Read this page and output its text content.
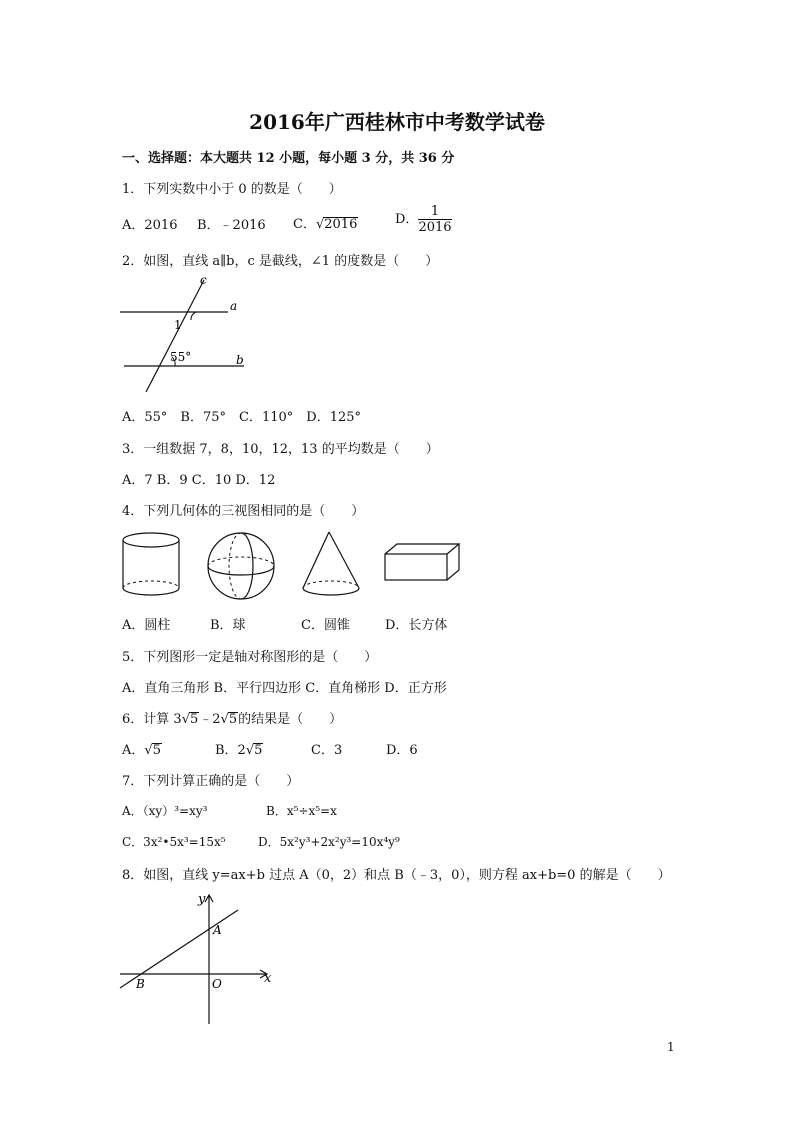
2016年广西桂林市中考数学试卷
一、选择题：本大题共 12 小题，每小题 3 分，共 36 分
1．下列实数中小于 0 的数是（　　）
A．2016 B．﹣2016 C．√2016	D． $\frac{1}{2016}$
2．如图，直线 a∥b，c 是截线，∠1 的度数是（　　）
c
a
b
1
55°
A．55°　B．75°　C．110°　D．125°
3．一组数据 7，8，10，12，13 的平均数是（　　）
A．7 B．9 C．10 D．12
4．下列几何体的三视图相同的是（　　）
A．圆柱	B．球	C．圆锥	D．长方体
5．下列图形一定是轴对称图形的是（　　）
A．直角三角形 B．平行四边形 C．直角梯形 D．正方形
6．计算 3√5﹣2√5的结果是（　　）
A．√5	B．2√5	C．3	D．6
7．下列计算正确的是（　　）
A．（xy）³=xy³	B．x⁵÷x⁵=x
C．3x²•5x³=15x⁵	D．5x²y³+2x²y³=10x⁴y⁹
8．如图，直线 y=ax+b 过点 A（0，2）和点 B（﹣3，0），则方程 ax+b=0 的解是（　　）
y
x
A
B	O
1
